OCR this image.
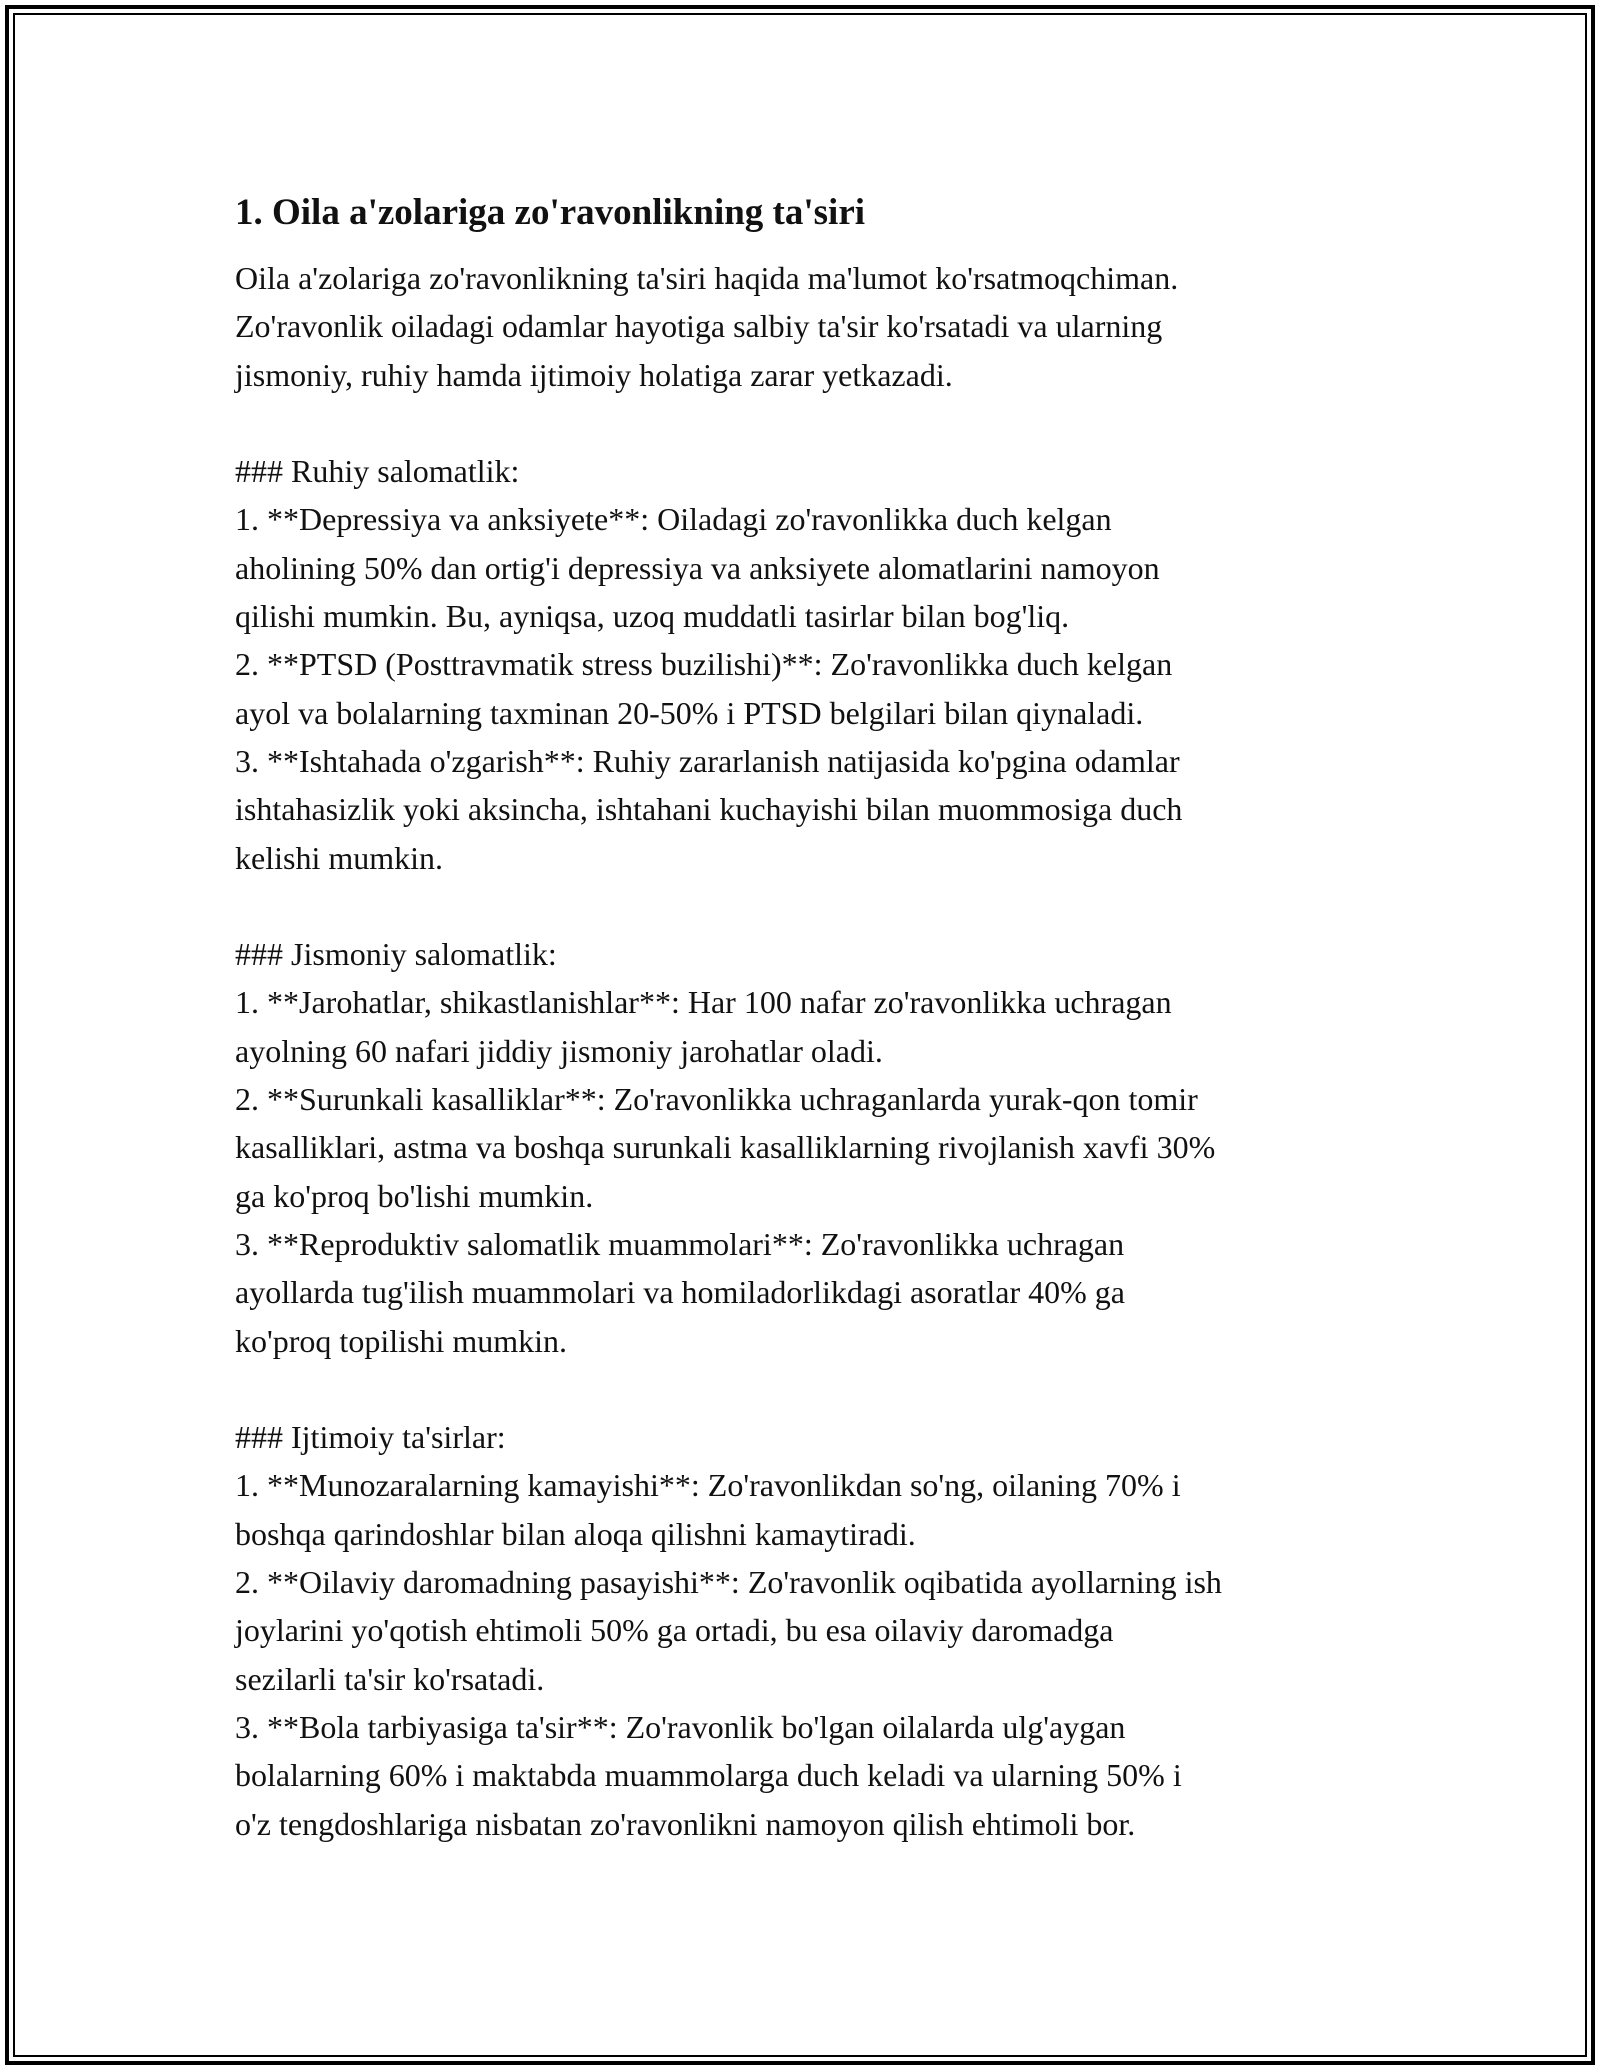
1. Oila a'zolariga zo'ravonlikning ta'siri
Oila a'zolariga zo'ravonlikning ta'siri haqida ma'lumot ko'rsatmoqchiman.
Zo'ravonlik oiladagi odamlar hayotiga salbiy ta'sir ko'rsatadi va ularning
jismoniy, ruhiy hamda ijtimoiy holatiga zarar yetkazadi.
### Ruhiy salomatlik:
1. **Depressiya va anksiyete**: Oiladagi zo'ravonlikka duch kelgan
aholining 50% dan ortig'i depressiya va anksiyete alomatlarini namoyon
qilishi mumkin. Bu, ayniqsa, uzoq muddatli tasirlar bilan bog'liq.
2. **PTSD (Posttravmatik stress buzilishi)**: Zo'ravonlikka duch kelgan
ayol va bolalarning taxminan 20-50% i PTSD belgilari bilan qiynaladi.
3. **Ishtahada o'zgarish**: Ruhiy zararlanish natijasida ko'pgina odamlar
ishtahasizlik yoki aksincha, ishtahani kuchayishi bilan muommosiga duch
kelishi mumkin.
### Jismoniy salomatlik:
1. **Jarohatlar, shikastlanishlar**: Har 100 nafar zo'ravonlikka uchragan
ayolning 60 nafari jiddiy jismoniy jarohatlar oladi.
2. **Surunkali kasalliklar**: Zo'ravonlikka uchraganlarda yurak-qon tomir
kasalliklari, astma va boshqa surunkali kasalliklarning rivojlanish xavfi 30%
ga ko'proq bo'lishi mumkin.
3. **Reproduktiv salomatlik muammolari**: Zo'ravonlikka uchragan
ayollarda tug'ilish muammolari va homiladorlikdagi asoratlar 40% ga
ko'proq topilishi mumkin.
### Ijtimoiy ta'sirlar:
1. **Munozaralarning kamayishi**: Zo'ravonlikdan so'ng, oilaning 70% i
boshqa qarindoshlar bilan aloqa qilishni kamaytiradi.
2. **Oilaviy daromadning pasayishi**: Zo'ravonlik oqibatida ayollarning ish
joylarini yo'qotish ehtimoli 50% ga ortadi, bu esa oilaviy daromadga
sezilarli ta'sir ko'rsatadi.
3. **Bola tarbiyasiga ta'sir**: Zo'ravonlik bo'lgan oilalarda ulg'aygan
bolalarning 60% i maktabda muammolarga duch keladi va ularning 50% i
o'z tengdoshlariga nisbatan zo'ravonlikni namoyon qilish ehtimoli bor.
